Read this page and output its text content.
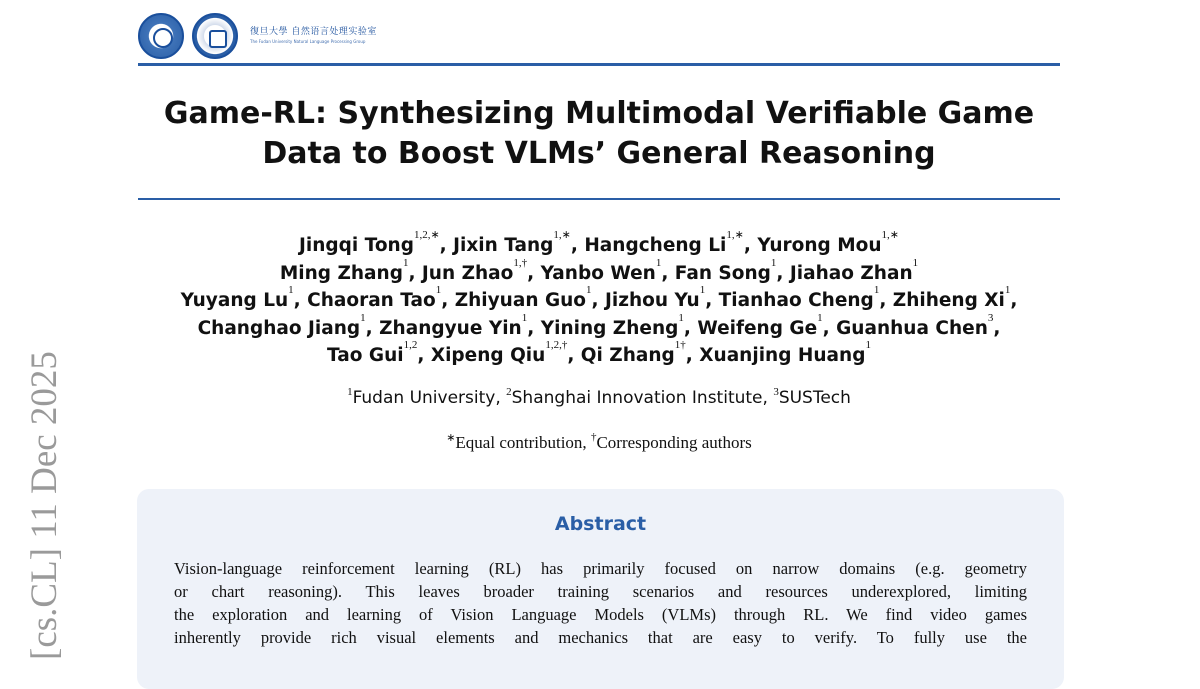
[cs.CL] 11 Dec 2025
復旦大學 自然语言处理实验室
The Fudan University Natural Language Processing Group
Game-RL: Synthesizing Multimodal Verifiable Game Data to Boost VLMs’ General Reasoning
Jingqi Tong$^{1,2,∗}$, Jixin Tang$^{1,∗}$, Hangcheng $Li^{1,∗}$, Yurong Mou$^{1,∗}$
Ming Zhang$^1$, Jun Zhao$^{1,\dagger}$, Yanbo Wen$^1$, Fan Song$^1$, Jiahao Zhan$^1$
Yuyang Lu$^1$, Chaoran Tao$^1$, Zhiyuan Guo$^1$, Jizhou Yu$^1$, Tianhao Cheng$^1$, Zhiheng Xi$^1$,
Changhao Jiang$^1$, Zhangyue Yin$^1$, Yining Zheng$^1$, Weifeng Ge$^1$, Guanhua Chen$^3$,
Tao Gui$^{1,2}$, Xipeng Qiu$^{1,2,\dagger}$, Qi Zhang$^{1\dagger}$, Xuanjing Huang$^1$
$^1$Fudan University, $^2$Shanghai Innovation Institute, $^3$SUSTech
∗Equal contribution, †Corresponding authors
Abstract
Vision-language reinforcement learning (RL) has primarily focused on narrow domains (e.g. geometry
or chart reasoning). This leaves broader training scenarios and resources underexplored, limiting
the exploration and learning of Vision Language Models (VLMs) through RL. We find video games
inherently provide rich visual elements and mechanics that are easy to verify. To fully use the
